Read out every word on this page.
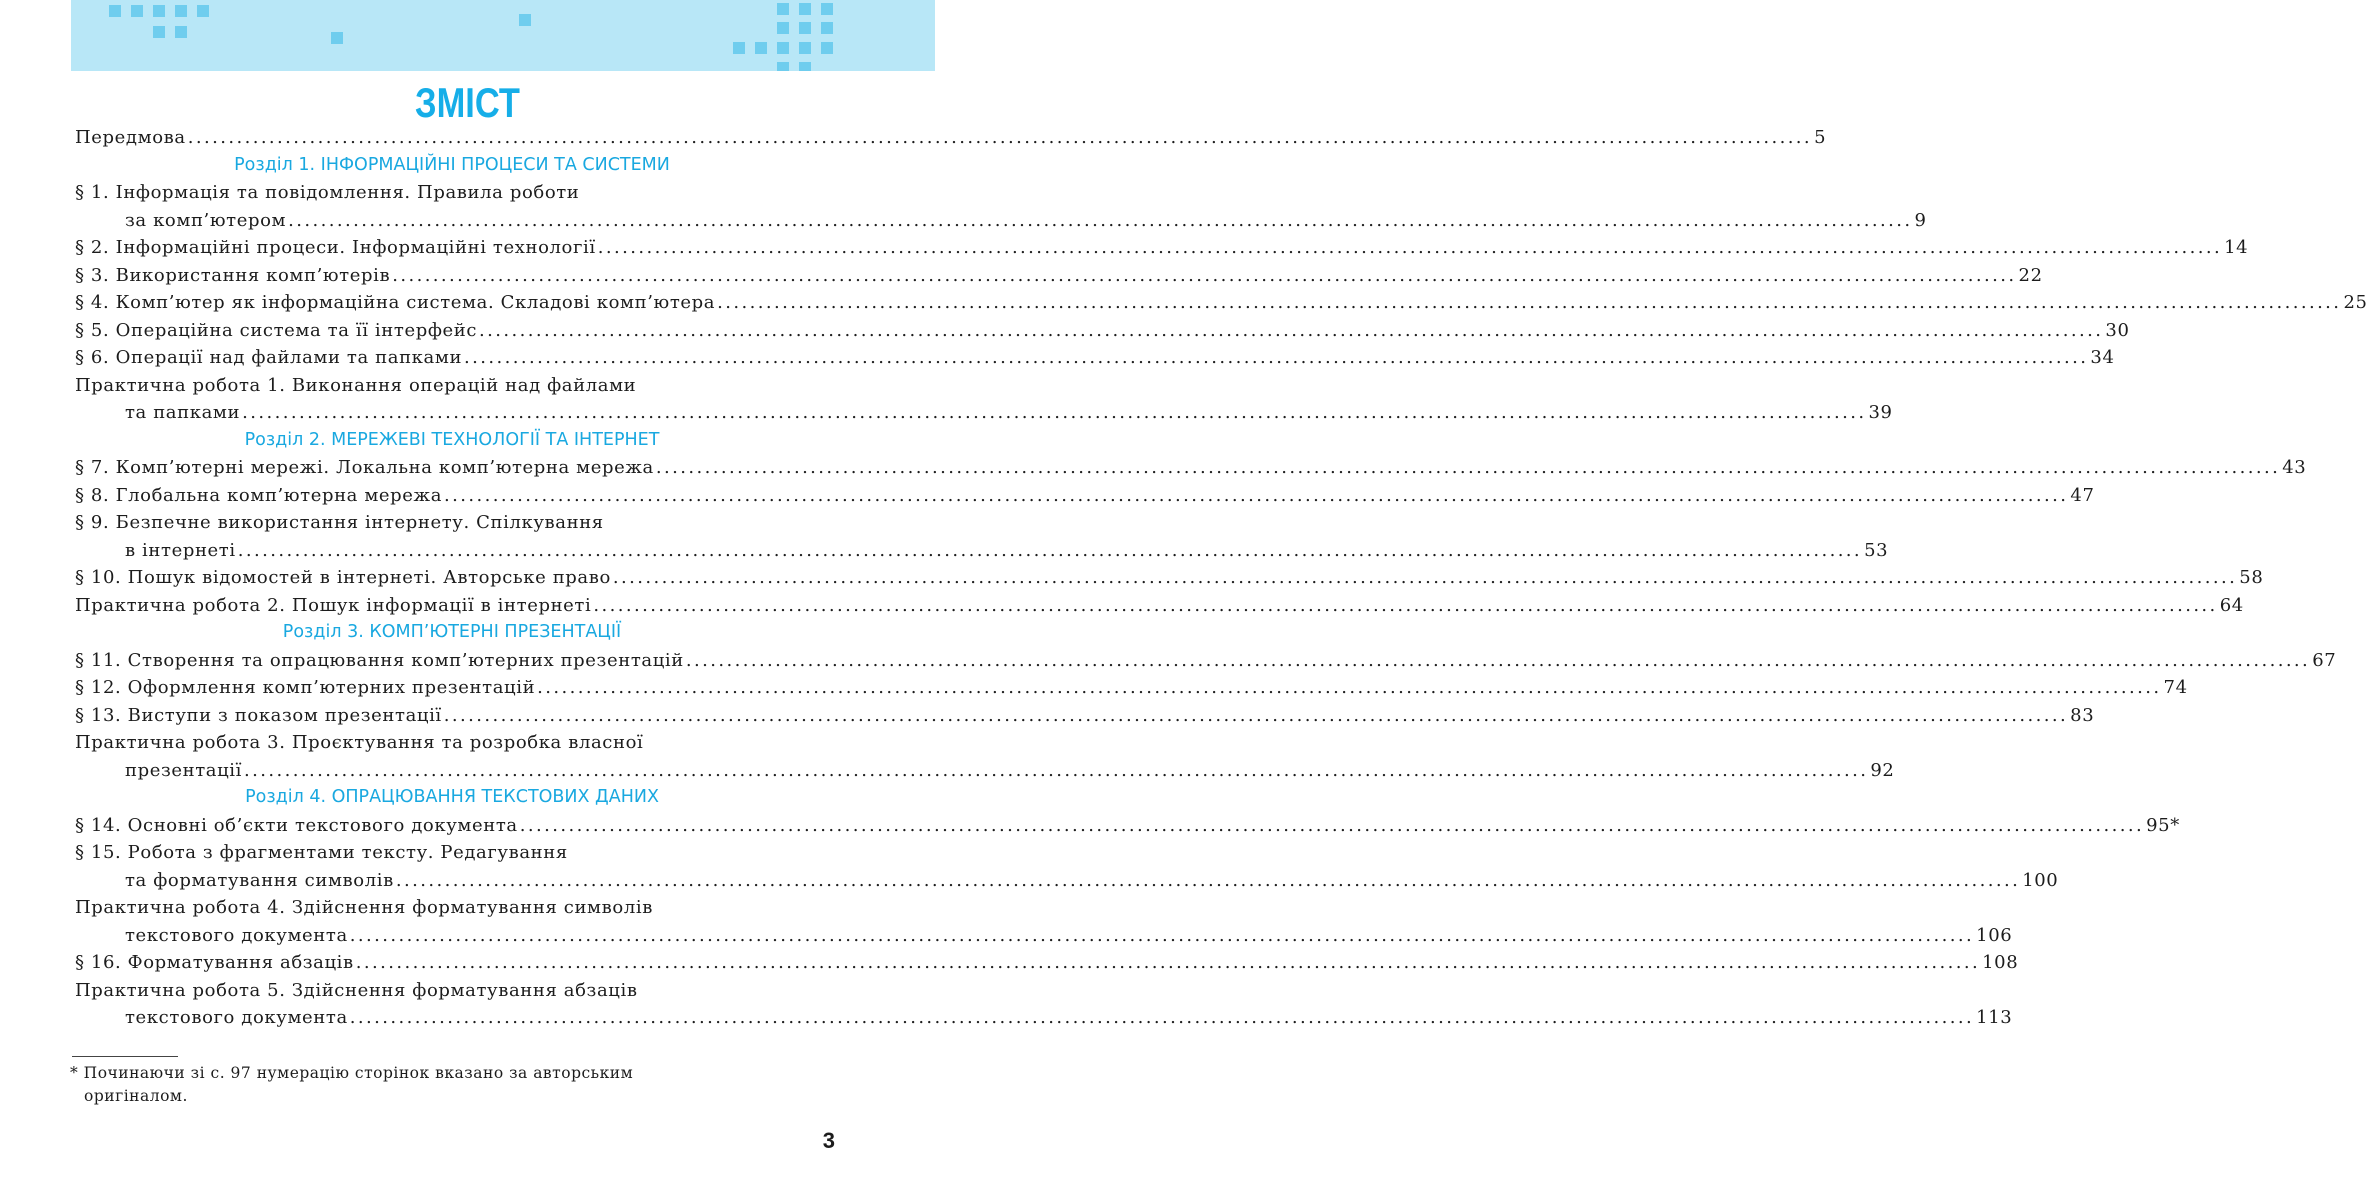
ЗМІСТ
Передмова ........................................................................................................................................................................................................ 5
Розділ 1. ІНФОРМАЦІЙНІ ПРОЦЕСИ ТА СИСТЕМИ
§ 1. Інформація та повідомлення. Правила роботи
за комп’ютером ........................................................................................................................................................................................................ 9
§ 2. Інформаційні процеси. Інформаційні технології ........................................................................................................................................................................................................ 14
§ 3. Використання комп’ютерів ........................................................................................................................................................................................................ 22
§ 4. Комп’ютер як інформаційна система. Складові комп’ютера ........................................................................................................................................................................................................ 25
§ 5. Операційна система та її інтерфейс ........................................................................................................................................................................................................ 30
§ 6. Операції над файлами та папками ........................................................................................................................................................................................................ 34
Практична робота 1. Виконання операцій над файлами
та папками ........................................................................................................................................................................................................ 39
Розділ 2. МЕРЕЖЕВІ ТЕХНОЛОГІЇ ТА ІНТЕРНЕТ
§ 7. Комп’ютерні мережі. Локальна комп’ютерна мережа ........................................................................................................................................................................................................ 43
§ 8. Глобальна комп’ютерна мережа ........................................................................................................................................................................................................ 47
§ 9. Безпечне використання інтернету. Спілкування
в інтернеті ........................................................................................................................................................................................................ 53
§ 10. Пошук відомостей в інтернеті. Авторське право ........................................................................................................................................................................................................ 58
Практична робота 2. Пошук інформації в інтернеті ........................................................................................................................................................................................................ 64
Розділ 3. КОМП’ЮТЕРНІ ПРЕЗЕНТАЦІЇ
§ 11. Створення та опрацювання комп’ютерних презентацій ........................................................................................................................................................................................................ 67
§ 12. Оформлення комп’ютерних презентацій ........................................................................................................................................................................................................ 74
§ 13. Виступи з показом презентації ........................................................................................................................................................................................................ 83
Практична робота 3. Проєктування та розробка власної
презентації ........................................................................................................................................................................................................ 92
Розділ 4. ОПРАЦЮВАННЯ ТЕКСТОВИХ ДАНИХ
§ 14. Основні об’єкти текстового документа ........................................................................................................................................................................................................ 95*
§ 15. Робота з фрагментами тексту. Редагування
та форматування символів ........................................................................................................................................................................................................ 100
Практична робота 4. Здійснення форматування символів
текстового документа ........................................................................................................................................................................................................ 106
§ 16. Форматування абзаців ........................................................................................................................................................................................................ 108
Практична робота 5. Здійснення форматування абзаців
текстового документа ........................................................................................................................................................................................................ 113
* Починаючи зі с. 97 нумерацію сторінок вказано за авторським
оригіналом.
3
